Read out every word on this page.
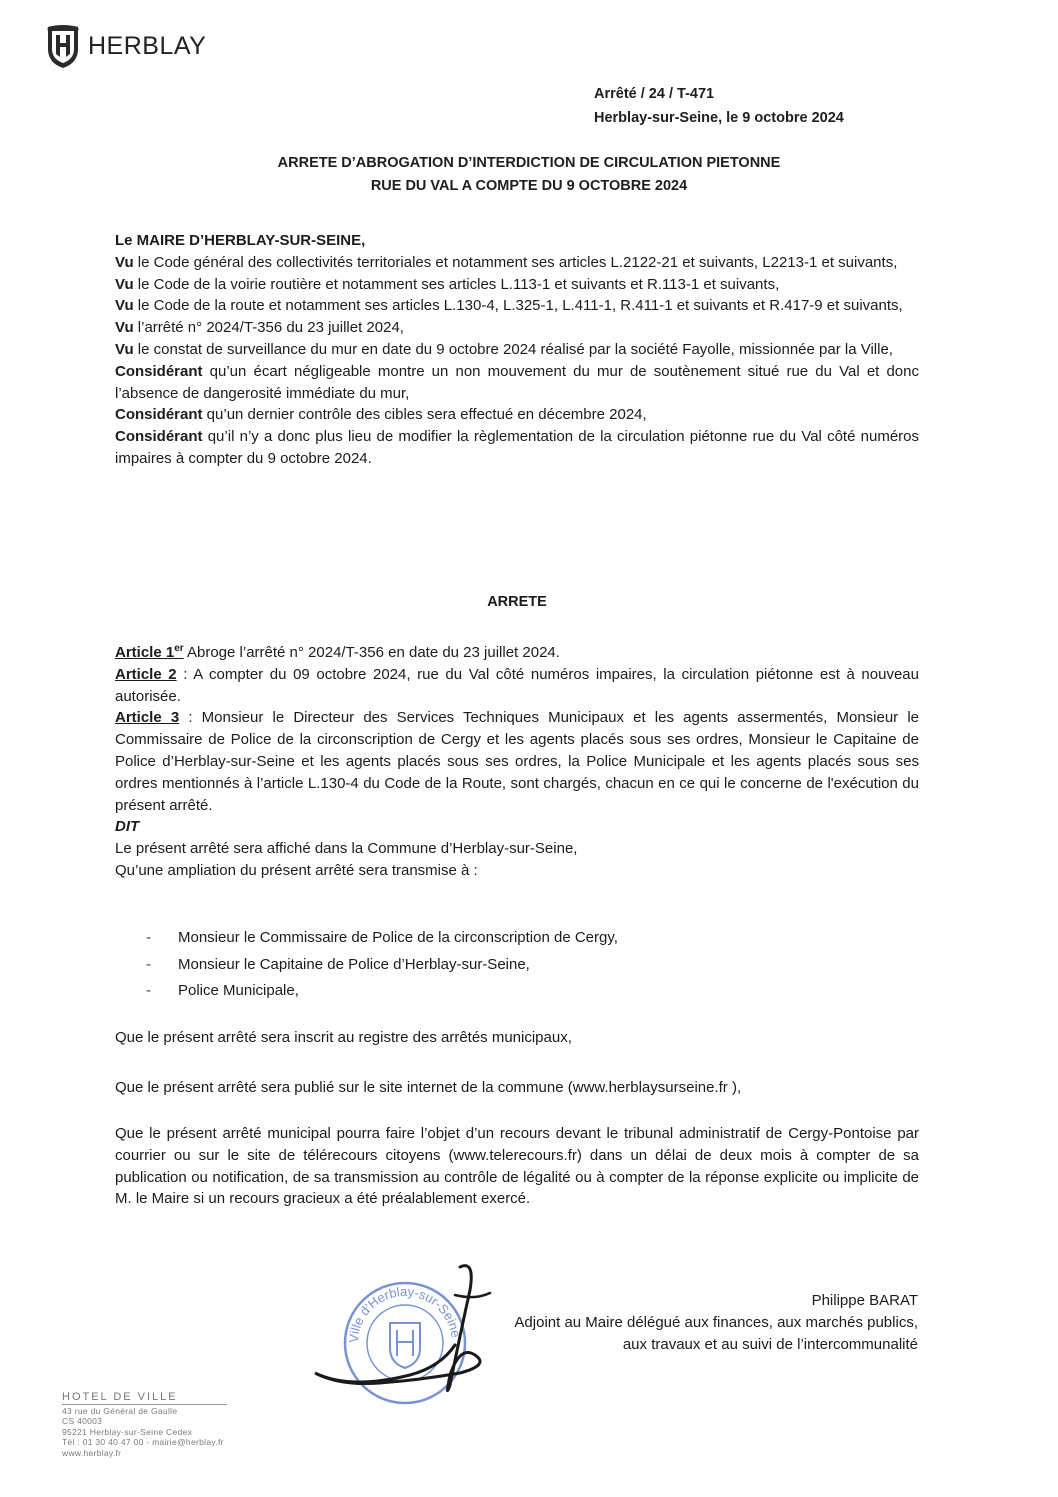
HERBLAY
Arrêté / 24 / T-471
Herblay-sur-Seine, le 9 octobre 2024
ARRETE D’ABROGATION D’INTERDICTION DE CIRCULATION PIETONNE
RUE DU VAL A COMPTE DU 9 OCTOBRE 2024
Le MAIRE D’HERBLAY-SUR-SEINE,
Vu le Code général des collectivités territoriales et notamment ses articles L.2122-21 et suivants, L2213-1 et suivants,
Vu le Code de la voirie routière et notamment ses articles L.113-1 et suivants et R.113-1 et suivants,
Vu le Code de la route et notamment ses articles L.130-4, L.325-1, L.411-1, R.411-1 et suivants et R.417-9 et suivants,
Vu l’arrêté n° 2024/T-356 du 23 juillet 2024,
Vu le constat de surveillance du mur en date du 9 octobre 2024 réalisé par la société Fayolle, missionnée par la Ville,
Considérant qu’un écart négligeable montre un non mouvement du mur de soutènement situé rue du Val et donc l’absence de dangerosité immédiate du mur,
Considérant qu’un dernier contrôle des cibles sera effectué en décembre 2024,
Considérant qu’il n’y a donc plus lieu de modifier la règlementation de la circulation piétonne rue du Val côté numéros impaires à compter du 9 octobre 2024.
ARRETE
Article 1er Abroge l’arrêté n° 2024/T-356 en date du 23 juillet 2024.
Article 2 : A compter du 09 octobre 2024, rue du Val côté numéros impaires, la circulation piétonne est à nouveau autorisée.
Article 3 : Monsieur le Directeur des Services Techniques Municipaux et les agents assermentés, Monsieur le Commissaire de Police de la circonscription de Cergy et les agents placés sous ses ordres, Monsieur le Capitaine de Police d’Herblay-sur-Seine et les agents placés sous ses ordres, la Police Municipale et les agents placés sous ses ordres mentionnés à l’article L.130-4 du Code de la Route, sont chargés, chacun en ce qui le concerne de l'exécution du présent arrêté.
DIT
Le présent arrêté sera affiché dans la Commune d’Herblay-sur-Seine,
Qu’une ampliation du présent arrêté sera transmise à :
-	Monsieur le Commissaire de Police de la circonscription de Cergy,
-	Monsieur le Capitaine de Police d’Herblay-sur-Seine,
-	Police Municipale,
Que le présent arrêté sera inscrit au registre des arrêtés municipaux,
Que le présent arrêté sera publié sur le site internet de la commune (www.herblaysurseine.fr ),
Que le présent arrêté municipal pourra faire l’objet d’un recours devant le tribunal administratif de Cergy-Pontoise par courrier ou sur le site de télérecours citoyens (www.telerecours.fr) dans un délai de deux mois à compter de sa publication ou notification, de sa transmission au contrôle de légalité ou à compter de la réponse explicite ou implicite de M. le Maire si un recours gracieux a été préalablement exercé.
Ville d'Herblay-sur-Seine
Philippe BARAT
Adjoint au Maire délégué aux finances, aux marchés publics,
aux travaux et au suivi de l’intercommunalité
HOTEL DE VILLE
43 rue du Général de Gaulle
CS 40003
95221 Herblay-sur-Seine Cedex
Tél : 01 30 40 47 00 - mairie@herblay.fr
www.herblay.fr
